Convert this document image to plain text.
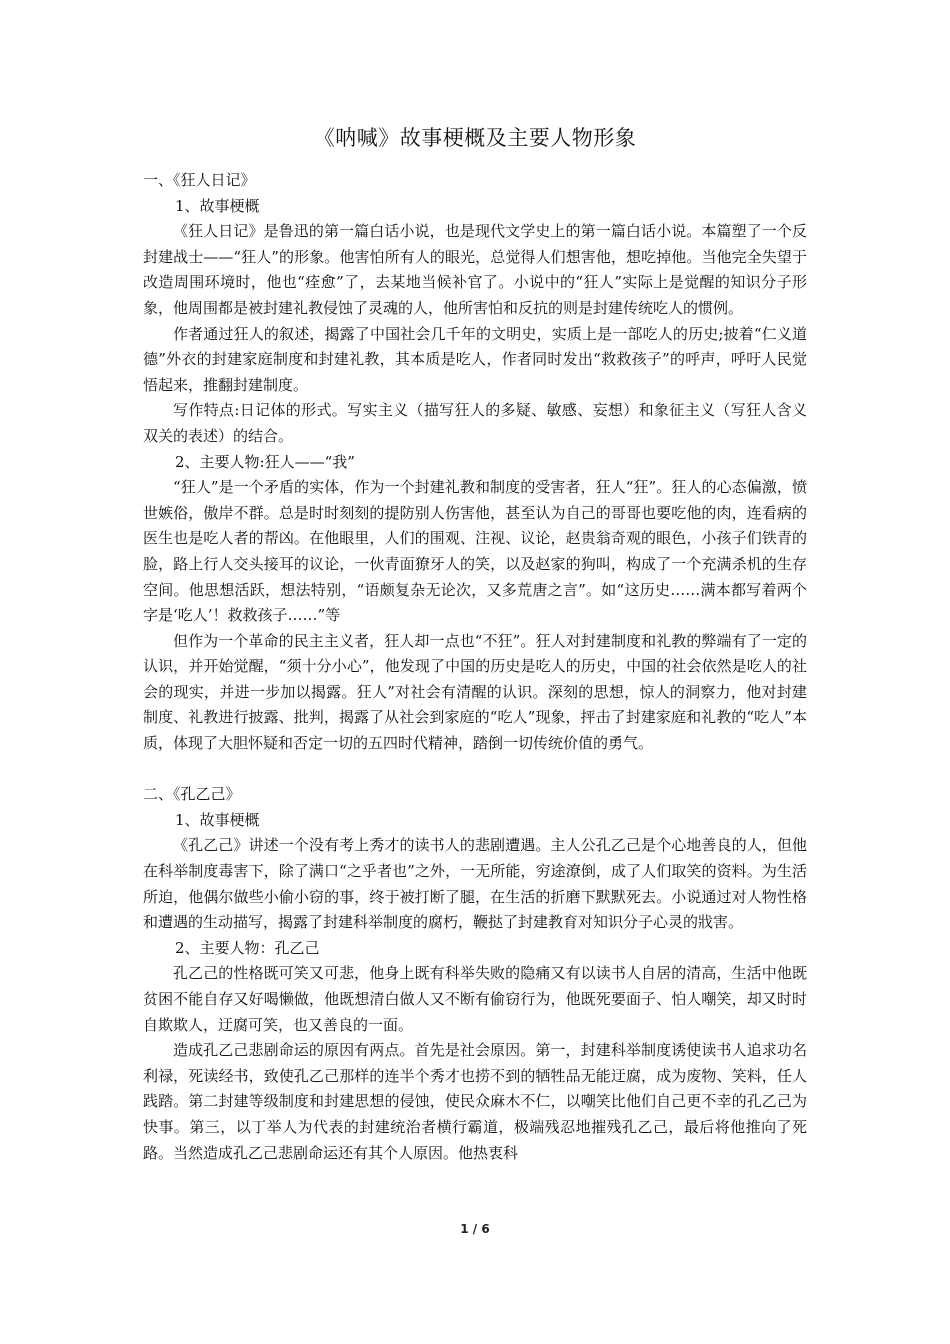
《呐喊》故事梗概及主要人物形象

一、《狂人日记》

1、故事梗概

《狂人日记》是鲁迅的第一篇白话小说，也是现代文学史上的第一篇白话小说。本篇塑了一个反封建战士——“狂人”的形象。他害怕所有人的眼光，总觉得人们想害他，想吃掉他。当他完全失望于改造周围环境时，他也“痊愈”了，去某地当候补官了。小说中的“狂人”实际上是觉醒的知识分子形象，他周围都是被封建礼教侵蚀了灵魂的人，他所害怕和反抗的则是封建传统吃人的惯例。

作者通过狂人的叙述，揭露了中国社会几千年的文明史，实质上是一部吃人的历史;披着“仁义道德”外衣的封建家庭制度和封建礼教，其本质是吃人，作者同时发出“救救孩子”的呼声，呼吁人民觉悟起来，推翻封建制度。

写作特点:日记体的形式。写实主义（描写狂人的多疑、敏感、妄想）和象征主义（写狂人含义双关的表述）的结合。

2、主要人物:狂人——“我”

“狂人”是一个矛盾的实体，作为一个封建礼教和制度的受害者，狂人“狂”。狂人的心态偏激，愤世嫉俗，傲岸不群。总是时时刻刻的提防别人伤害他，甚至认为自己的哥哥也要吃他的肉，连看病的医生也是吃人者的帮凶。在他眼里，人们的围观、注视、议论，赵贵翁奇观的眼色，小孩子们铁青的脸，路上行人交头接耳的议论，一伙青面獠牙人的笑，以及赵家的狗叫，构成了一个充满杀机的生存空间。他思想活跃，想法特别，“语颇复杂无论次，又多荒唐之言”。如“这历史……满本都写着两个字是‘吃人’！救救孩子……”等

但作为一个革命的民主主义者，狂人却一点也“不狂”。狂人对封建制度和礼教的弊端有了一定的认识，并开始觉醒，“须十分小心”，他发现了中国的历史是吃人的历史，中国的社会依然是吃人的社会的现实，并进一步加以揭露。狂人”对社会有清醒的认识。深刻的思想，惊人的洞察力，他对封建制度、礼教进行披露、批判，揭露了从社会到家庭的“吃人”现象，抨击了封建家庭和礼教的“吃人”本质，体现了大胆怀疑和否定一切的五四时代精神，踏倒一切传统价值的勇气。

二、《孔乙己》

1、故事梗概

《孔乙己》讲述一个没有考上秀才的读书人的悲剧遭遇。主人公孔乙己是个心地善良的人，但他在科举制度毒害下，除了满口“之乎者也”之外，一无所能，穷途潦倒，成了人们取笑的资料。为生活所迫，他偶尔做些小偷小窃的事，终于被打断了腿，在生活的折磨下默默死去。小说通过对人物性格和遭遇的生动描写，揭露了封建科举制度的腐朽，鞭挞了封建教育对知识分子心灵的戕害。

2、主要人物：孔乙己

孔乙己的性格既可笑又可悲，他身上既有科举失败的隐痛又有以读书人自居的清高，生活中他既贫困不能自存又好喝懒做，他既想清白做人又不断有偷窃行为，他既死要面子、怕人嘲笑，却又时时自欺欺人，迂腐可笑，也又善良的一面。

造成孔乙己悲剧命运的原因有两点。首先是社会原因。第一，封建科举制度诱使读书人追求功名利禄，死读经书，致使孔乙己那样的连半个秀才也捞不到的牺牲品无能迂腐，成为废物、笑料，任人践踏。第二封建等级制度和封建思想的侵蚀，使民众麻木不仁，以嘲笑比他们自己更不幸的孔乙己为快事。第三，以丁举人为代表的封建统治者横行霸道，极端残忍地摧残孔乙己，最后将他推向了死路。当然造成孔乙己悲剧命运还有其个人原因。他热衷科

1 / 6
